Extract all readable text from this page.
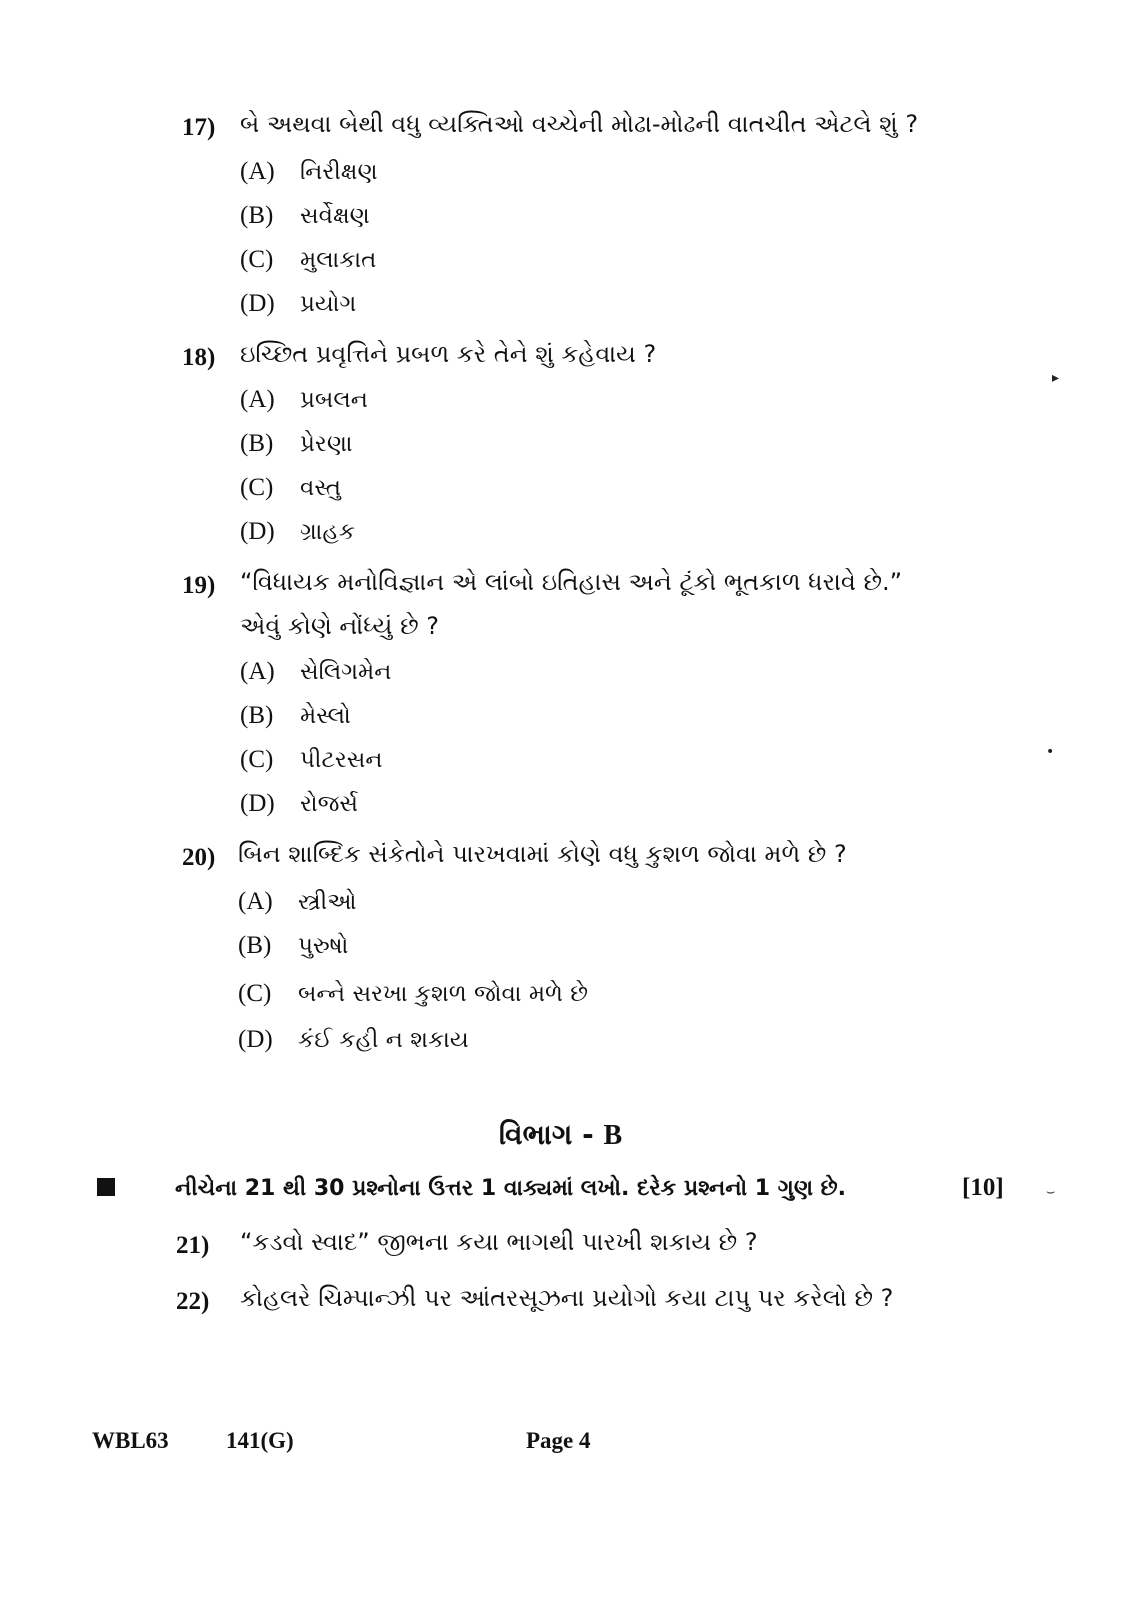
17) બે અથવા બેથી વધુ વ્યક્તિઓ વચ્ચેની મોઢા-મોઢની વાતચીત એટલે શું ?
(A) નિરીક્ષણ
(B) સર્વેક્ષણ
(C) મુલાકાત
(D) પ્રયોગ
18) ઇચ્છિત પ્રવૃત્તિને પ્રબળ કરે તેને શું કહેવાય ?
(A) પ્રબલન
(B) પ્રેરણા
(C) વસ્તુ
(D) ગ્રાહક
19) “વિધાયક મનોવિજ્ઞાન એ લાંબો ઇતિહાસ અને ટૂંકો ભૂતકાળ ધરાવે છે.”
એવું કોણે નોંધ્યું છે ?
(A) સેલિગમેન
(B) મેસ્લો
(C) પીટરસન
(D) રોજર્સ
20) બિન શાબ્દિક સંકેતોને પારખવામાં કોણે વધુ કુશળ જોવા મળે છે ?
(A) સ્ત્રીઓ
(B) પુરુષો
(C) બન્ને સરખા કુશળ જોવા મળે છે
(D) કંઈ કહી ન શકાય
વિભાગ - B
નીચેના 21 થી 30 પ્રશ્નોના ઉત્તર 1 વાક્યમાં લખો. દરેક પ્રશ્નનો 1 ગુણ છે.	[10]
21) “કડવો સ્વાદ” જીભના કયા ભાગથી પારખી શકાય છે ?
22) કોહલરે ચિમ્પાન્ઝી પર આંતરસૂઝના પ્રયોગો કયા ટાપુ પર કરેલો છે ?
WBL63 141(G)	Page 4
▸
•
⌣
